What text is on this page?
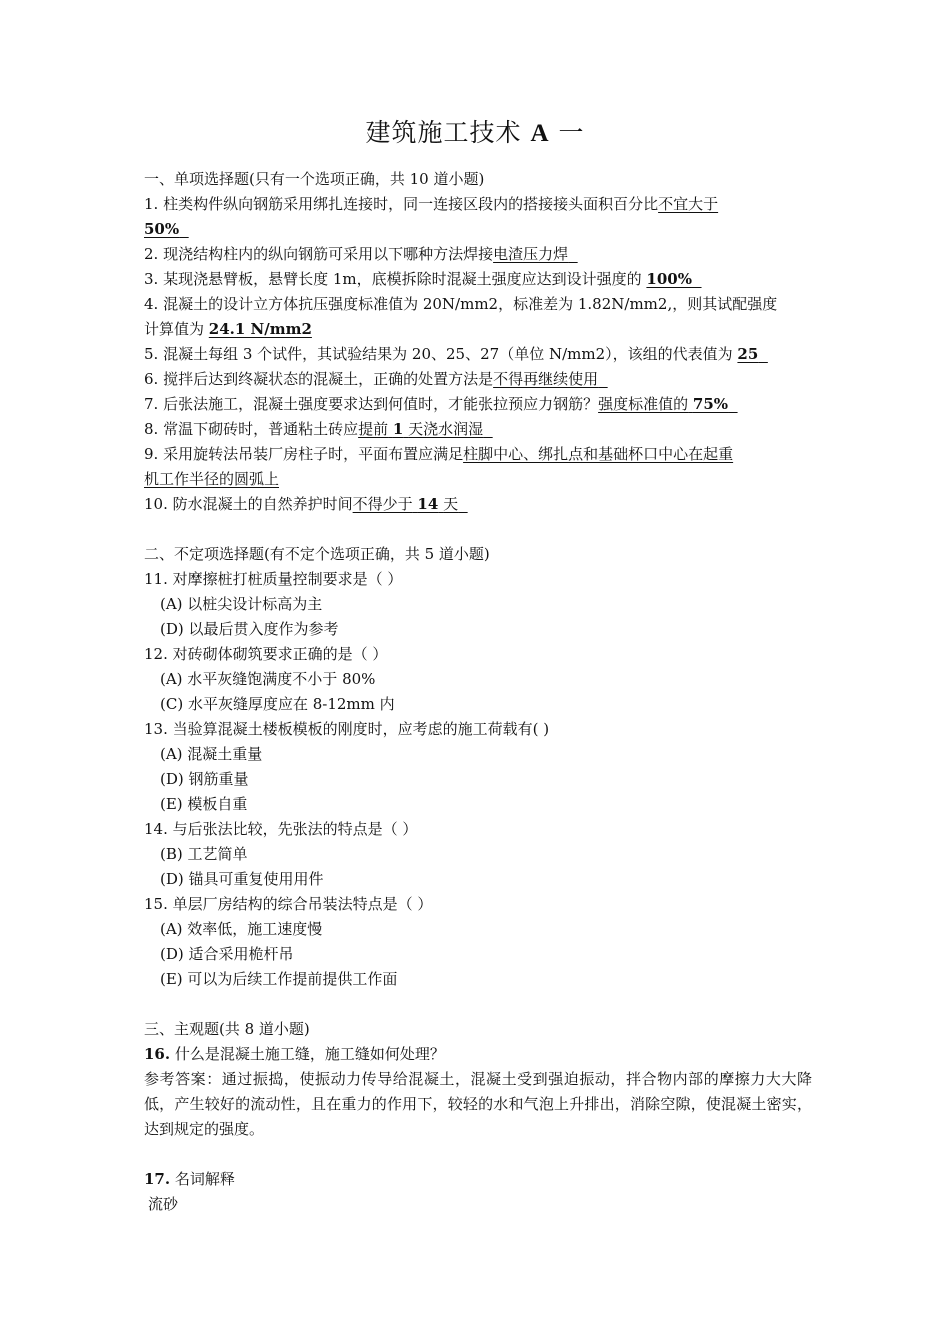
建筑施工技术 A 一
一、单项选择题(只有一个选项正确，共 10 道小题)
1. 柱类构件纵向钢筋采用绑扎连接时，同一连接区段内的搭接接头面积百分比不宜大于
50%
2. 现浇结构柱内的纵向钢筋可采用以下哪种方法焊接电渣压力焊
3. 某现浇悬臂板，悬臂长度 1m，底模拆除时混凝土强度应达到设计强度的 100%
4. 混凝土的设计立方体抗压强度标准值为 20N/mm2，标准差为 1.82N/mm2,，则其试配强度
计算值为 24.1 N/mm2
5. 混凝土每组 3 个试件，其试验结果为 20、25、27（单位 N/mm2），该组的代表值为 25
6. 搅拌后达到终凝状态的混凝土，正确的处置方法是不得再继续使用
7. 后张法施工，混凝土强度要求达到何值时，才能张拉预应力钢筋？强度标准值的 75%
8. 常温下砌砖时，普通粘土砖应提前 1 天浇水润湿
9. 采用旋转法吊装厂房柱子时，平面布置应满足柱脚中心、绑扎点和基础杯口中心在起重
机工作半径的圆弧上
10. 防水混凝土的自然养护时间不得少于 14 天
二、不定项选择题(有不定个选项正确，共 5 道小题)
11. 对摩擦桩打桩质量控制要求是（ ）
(A) 以桩尖设计标高为主
(D) 以最后贯入度作为参考
12. 对砖砌体砌筑要求正确的是（ ）
(A) 水平灰缝饱满度不小于 80%
(C) 水平灰缝厚度应在 8-12mm 内
13. 当验算混凝土楼板模板的刚度时，应考虑的施工荷载有( )
(A) 混凝土重量
(D) 钢筋重量
(E) 模板自重
14. 与后张法比较，先张法的特点是（ ）
(B) 工艺简单
(D) 锚具可重复使用用件
15. 单层厂房结构的综合吊装法特点是（ ）
(A) 效率低，施工速度慢
(D) 适合采用桅杆吊
(E) 可以为后续工作提前提供工作面
三、主观题(共 8 道小题)
16. 什么是混凝土施工缝，施工缝如何处理？
参考答案：通过振捣，使振动力传导给混凝土，混凝土受到强迫振动，拌合物内部的摩擦力大大降低，产生较好的流动性，且在重力的作用下，较轻的水和气泡上升排出，消除空隙，使混凝土密实，达到规定的强度。
17. 名词解释
流砂
